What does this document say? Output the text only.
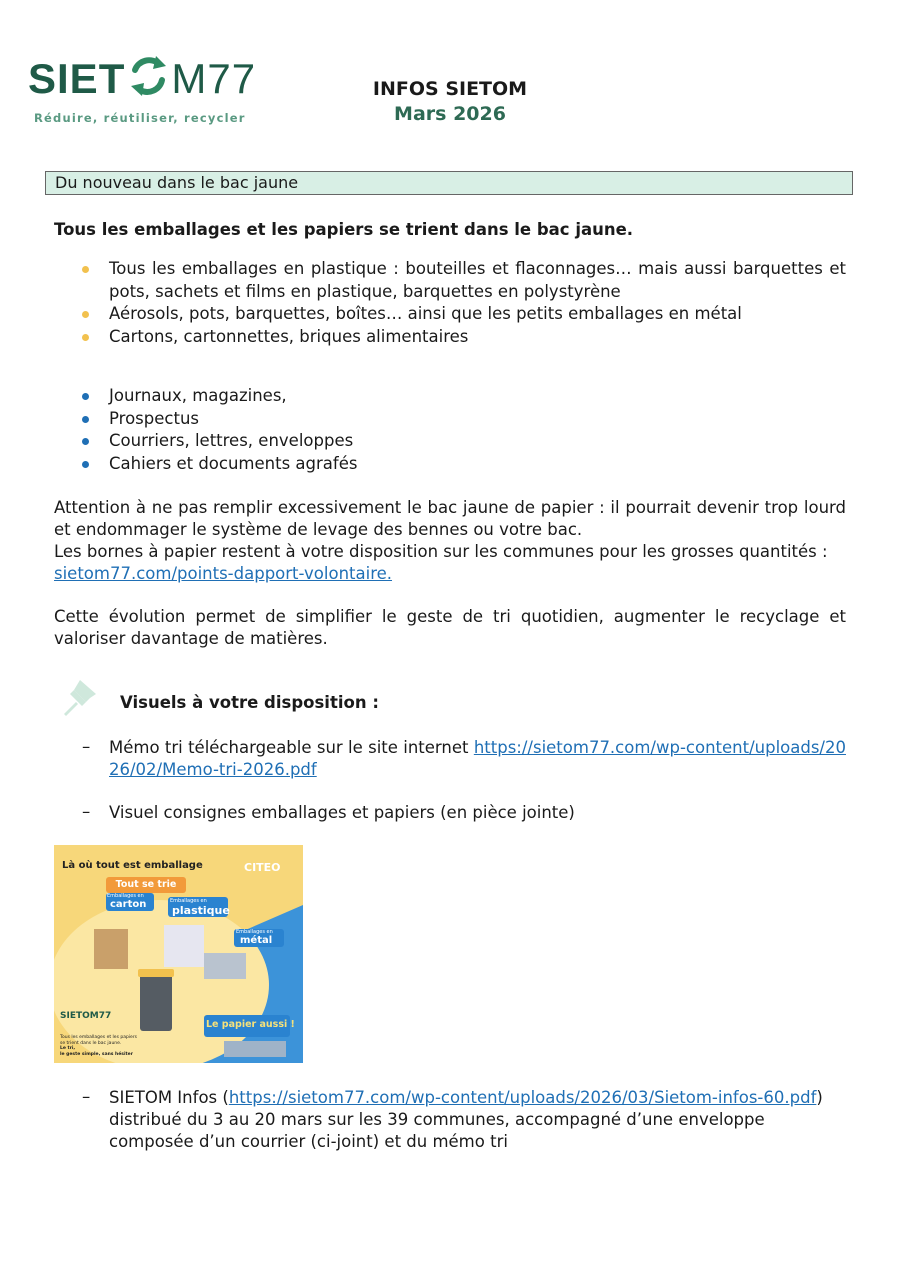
SIET M77
Réduire, réutiliser, recycler
INFOS SIETOM
Mars 2026
Du nouveau dans le bac jaune
Tous les emballages et les papiers se trient dans le bac jaune.
Tous les emballages en plastique : bouteilles et flaconnages… mais aussi barquettes et pots, sachets et films en plastique, barquettes en polystyrène
Aérosols, pots, barquettes, boîtes… ainsi que les petits emballages en métal
Cartons, cartonnettes, briques alimentaires
Journaux, magazines,
Prospectus
Courriers, lettres, enveloppes
Cahiers et documents agrafés
Attention à ne pas remplir excessivement le bac jaune de papier : il pourrait devenir trop lourd et endommager le système de levage des bennes ou votre bac.
Les bornes à papier restent à votre disposition sur les communes pour les grosses quantités :
sietom77.com/points-dapport-volontaire.
Cette évolution permet de simplifier le geste de tri quotidien, augmenter le recyclage et valoriser davantage de matières.
Visuels à votre disposition :
– Mémo tri téléchargeable sur le site internet https://sietom77.com/wp-content/uploads/2026/02/Memo-tri-2026.pdf
– Visuel consignes emballages et papiers (en pièce jointe)
Là où tout est emballage
Tout se trie
CITEO
Emballages en
carton	Emballages en
plastique
Emballages en
métal
Le papier aussi !
SIETOM77
Tous les emballages et les papiers se trient dans le bac jaune.
Le tri,
le geste simple, sans hésiter
– SIETOM Infos (https://sietom77.com/wp-content/uploads/2026/03/Sietom-infos-60.pdf) distribué du 3 au 20 mars sur les 39 communes, accompagné d’une enveloppe composée d’un courrier (ci-joint) et du mémo tri
